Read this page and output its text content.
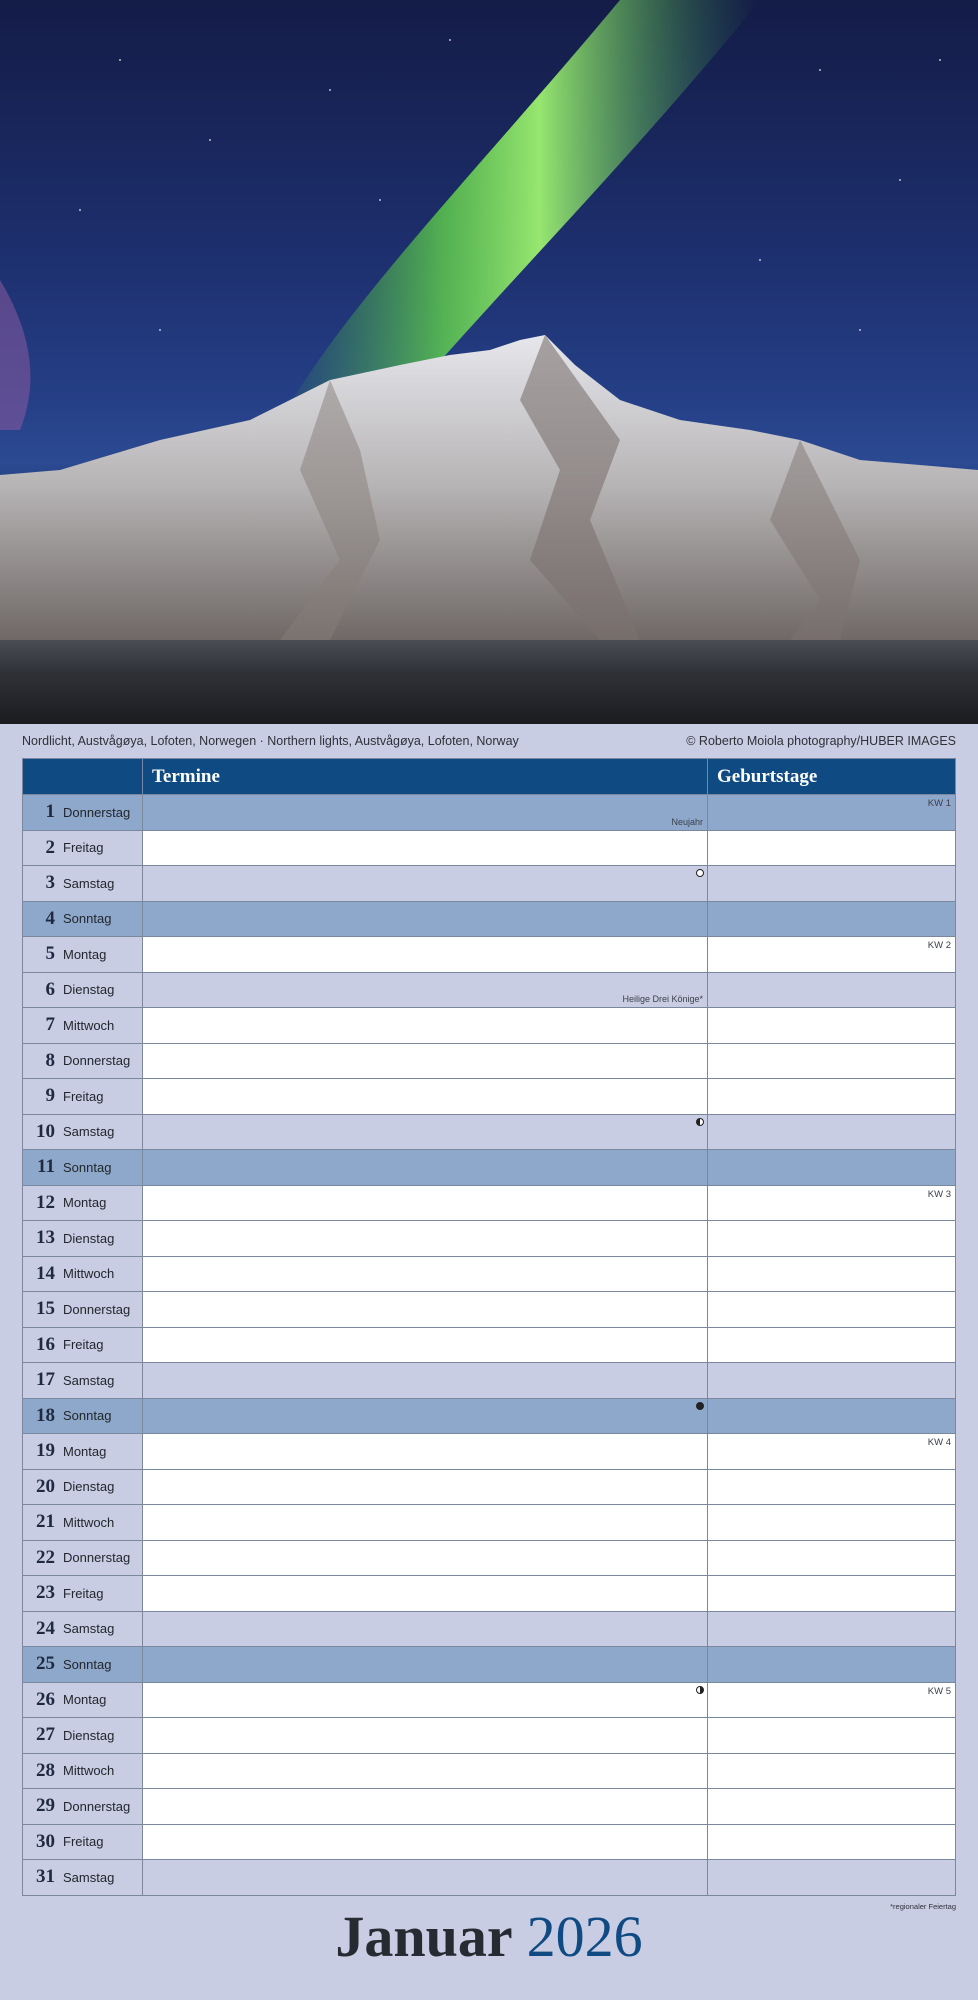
Nordlicht, Austvågøya, Lofoten, Norwegen · Northern lights, Austvågøya, Lofoten, Norway	© Roberto Moiola photography/HUBER IMAGES
Termine	Geburtstage
1 Donnerstag
Neujahr
KW 1
2 Freitag
3 Samstag
4 Sonntag
5 Montag
KW 2
6 Dienstag
Heilige Drei Könige*
7 Mittwoch
8 Donnerstag
9 Freitag
10 Samstag
11 Sonntag
12 Montag
KW 3
13 Dienstag
14 Mittwoch
15 Donnerstag
16 Freitag
17 Samstag
18 Sonntag
19 Montag
KW 4
20 Dienstag
21 Mittwoch
22 Donnerstag
23 Freitag
24 Samstag
25 Sonntag
26 Montag
KW 5
27 Dienstag
28 Mittwoch
29 Donnerstag
30 Freitag
31 Samstag
*regionaler Feiertag
Januar 2026
